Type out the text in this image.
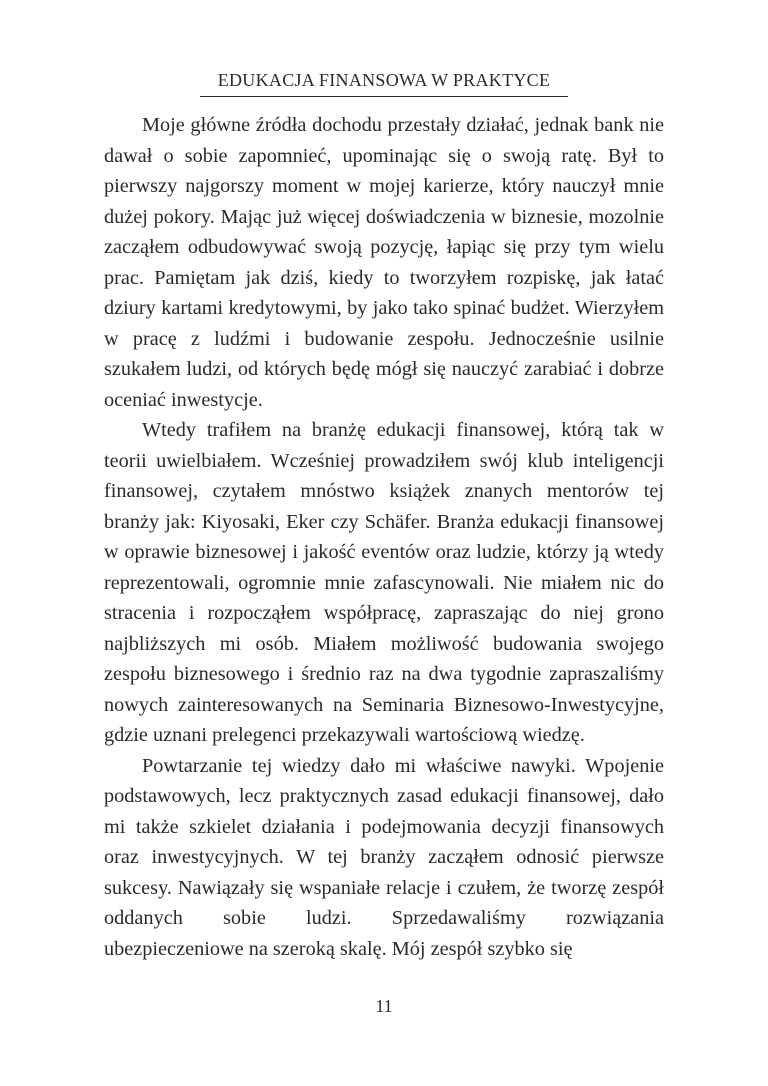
EDUKACJA FINANSOWA W PRAKTYCE

Moje główne źródła dochodu przestały działać, jednak bank nie dawał o sobie zapomnieć, upominając się o swoją ratę. Był to pierwszy najgorszy moment w mojej karierze, który nauczył mnie dużej pokory. Mając już więcej doświadczenia w biznesie, mozolnie zacząłem odbudowywać swoją pozycję, łapiąc się przy tym wielu prac. Pamiętam jak dziś, kiedy to tworzyłem rozpiskę, jak łatać dziury kartami kredytowymi, by jako tako spinać budżet. Wierzyłem w pracę z ludźmi i budowanie zespołu. Jednocześnie usilnie szukałem ludzi, od których będę mógł się nauczyć zarabiać i dobrze oceniać inwestycje.

Wtedy trafiłem na branżę edukacji finansowej, którą tak w teorii uwielbiałem. Wcześniej prowadziłem swój klub inteligencji finansowej, czytałem mnóstwo książek znanych mentorów tej branży jak: Kiyosaki, Eker czy Schäfer. Branża edukacji finansowej w oprawie biznesowej i jakość eventów oraz ludzie, którzy ją wtedy reprezentowali, ogromnie mnie zafascynowali. Nie miałem nic do stracenia i rozpocząłem współpracę, zapraszając do niej grono najbliższych mi osób. Miałem możliwość budowania swojego zespołu biznesowego i średnio raz na dwa tygodnie zapraszaliśmy nowych zainteresowanych na Seminaria Biznesowo-Inwestycyjne, gdzie uznani prelegenci przekazywali wartościową wiedzę.

Powtarzanie tej wiedzy dało mi właściwe nawyki. Wpojenie podstawowych, lecz praktycznych zasad edukacji finansowej, dało mi także szkielet działania i podejmowania decyzji finansowych oraz inwestycyjnych. W tej branży zacząłem odnosić pierwsze sukcesy. Nawiązały się wspaniałe relacje i czułem, że tworzę zespół oddanych sobie ludzi. Sprzedawaliśmy rozwiązania ubezpieczeniowe na szeroką skalę. Mój zespół szybko się

11
